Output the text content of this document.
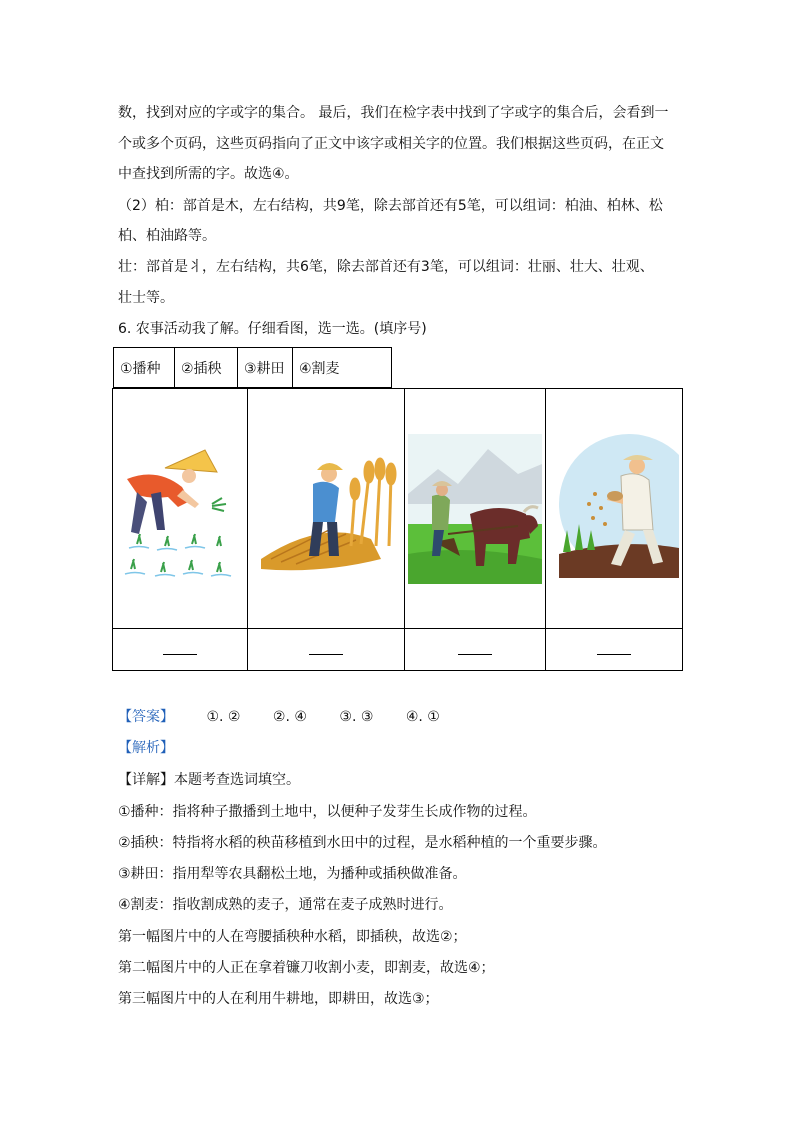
数，找到对应的字或字的集合。 最后，我们在检字表中找到了字或字的集合后，会看到一
个或多个页码，这些页码指向了正文中该字或相关字的位置。我们根据这些页码，在正文
中查找到所需的字。故选④。
（2）柏：部首是木，左右结构，共9笔，除去部首还有5笔，可以组词：柏油、柏林、松
柏、柏油路等。
壮：部首是丬，左右结构，共6笔，除去部首还有3笔，可以组词：壮丽、壮大、壮观、
壮士等。
6. 农事活动我了解。仔细看图，选一选。(填序号)
①播种	②插秧	③耕田	④割麦

【答案】 ①. ② ②. ④ ③. ③ ④. ①
【解析】
【详解】本题考查选词填空。
①播种：指将种子撒播到土地中，以便种子发芽生长成作物的过程。
②插秧：特指将水稻的秧苗移植到水田中的过程，是水稻种植的一个重要步骤。
③耕田：指用犁等农具翻松土地，为播种或插秧做准备。
④割麦：指收割成熟的麦子，通常在麦子成熟时进行。
第一幅图片中的人在弯腰插秧种水稻，即插秧，故选②；
第二幅图片中的人正在拿着镰刀收割小麦，即割麦，故选④；
第三幅图片中的人在利用牛耕地，即耕田，故选③；
